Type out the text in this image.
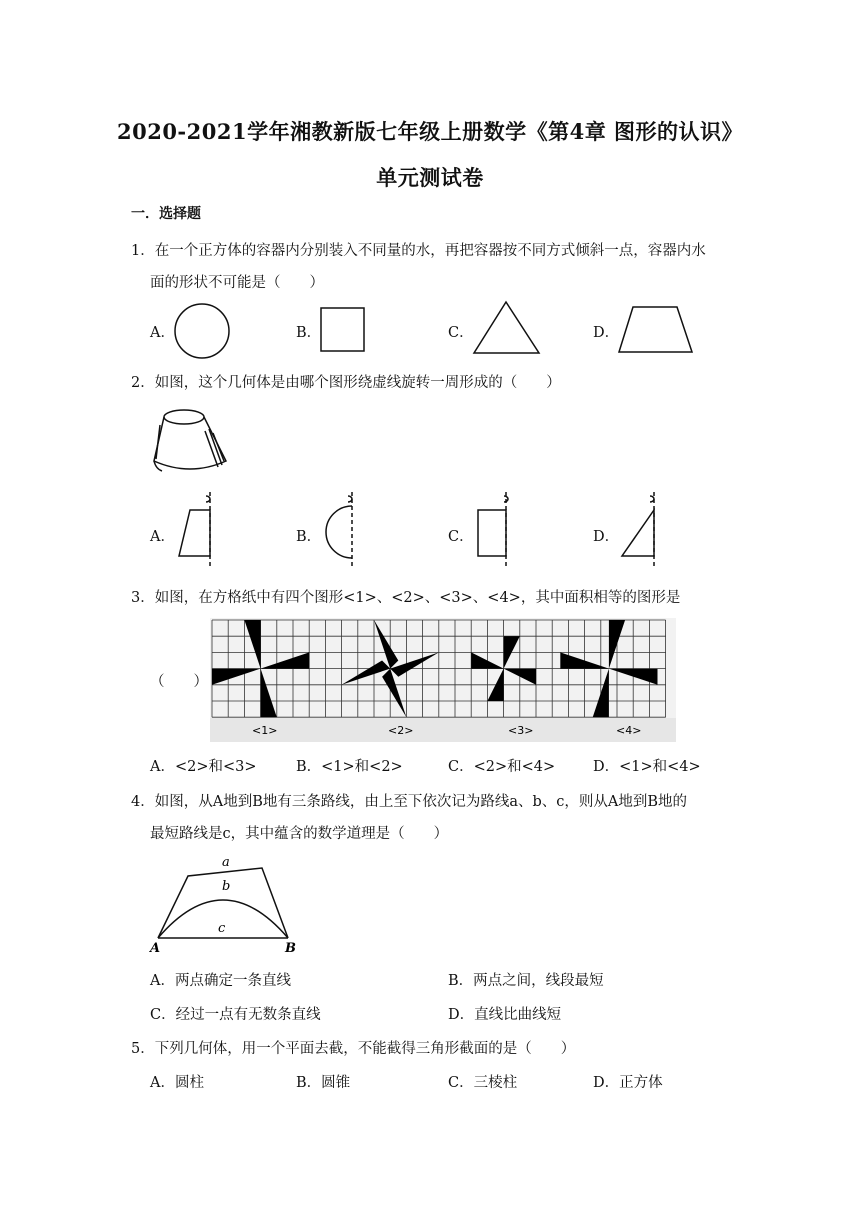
2020-2021学年湘教新版七年级上册数学《第4章 图形的认识》
单元测试卷
一．选择题
1．在一个正方体的容器内分别装入不同量的水，再把容器按不同方式倾斜一点，容器内水
面的形状不可能是（　　）
A．	B．	C．	D．
2．如图，这个几何体是由哪个图形绕虚线旋转一周形成的（　　）
A．	B．	C．	D．
3．如图，在方格纸中有四个图形<1>、<2>、<3>、<4>，其中面积相等的图形是
（　　）
<1>	<2>	<3>	<4>
A．<2>和<3>	B．<1>和<2>	C．<2>和<4>	D．<1>和<4>
4．如图，从A地到B地有三条路线，由上至下依次记为路线a、b、c，则从A地到B地的
最短路线是c，其中蕴含的数学道理是（　　）
a
b
c
A	B
A．两点确定一条直线	B．两点之间，线段最短
C．经过一点有无数条直线	D．直线比曲线短
5．下列几何体，用一个平面去截，不能截得三角形截面的是（　　）
A．圆柱	B．圆锥	C．三棱柱	D．正方体
